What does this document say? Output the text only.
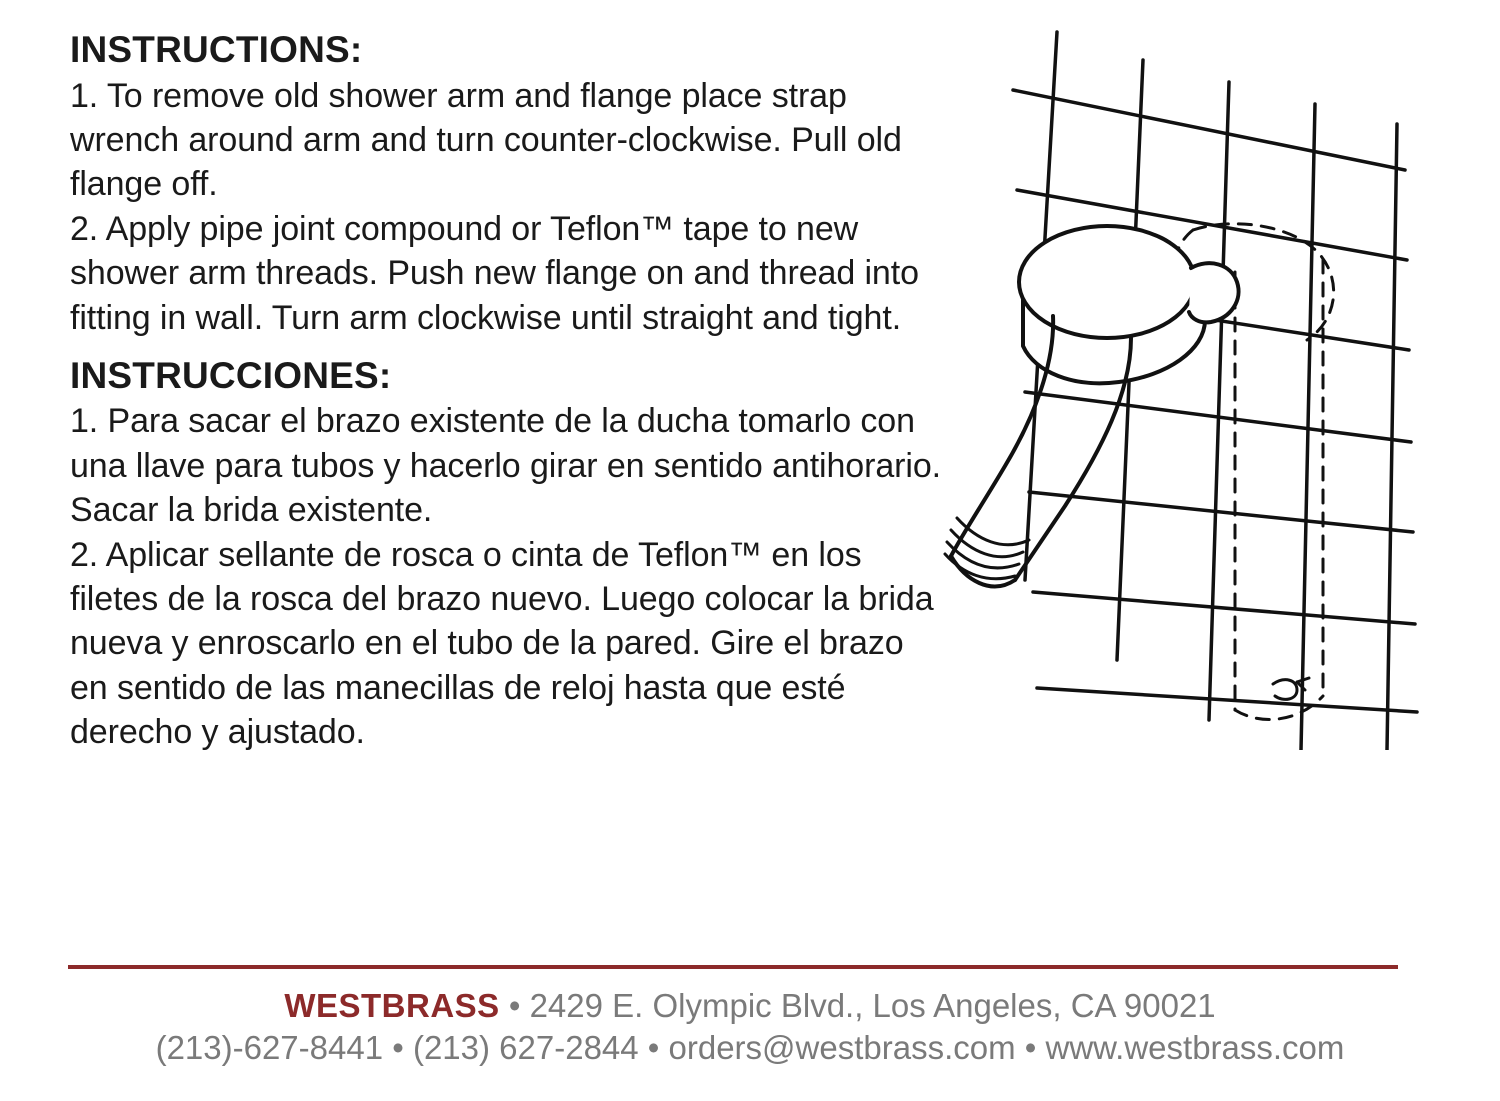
INSTRUCTIONS:
1. To remove old shower arm and flange place strap wrench around arm and turn counter-clockwise. Pull old flange off.
2. Apply pipe joint compound or Teflon™ tape to new shower arm threads. Push new flange on and thread into fitting in wall. Turn arm clockwise until straight and tight.
INSTRUCCIONES:
1. Para sacar el brazo existente de la ducha tomarlo con una llave para tubos y hacerlo girar en sentido antihorario. Sacar la brida existente.
2. Aplicar sellante de rosca o cinta de Teflon™ en los filetes de la rosca del brazo nuevo. Luego colocar la brida nueva y enroscarlo en el tubo de la pared. Gire el brazo en sentido de las manecillas de reloj hasta que esté derecho y ajustado.
WESTBRASS • 2429 E. Olympic Blvd., Los Angeles, CA 90021
(213)-627-8441 • (213) 627-2844 • orders@westbrass.com • www.westbrass.com
